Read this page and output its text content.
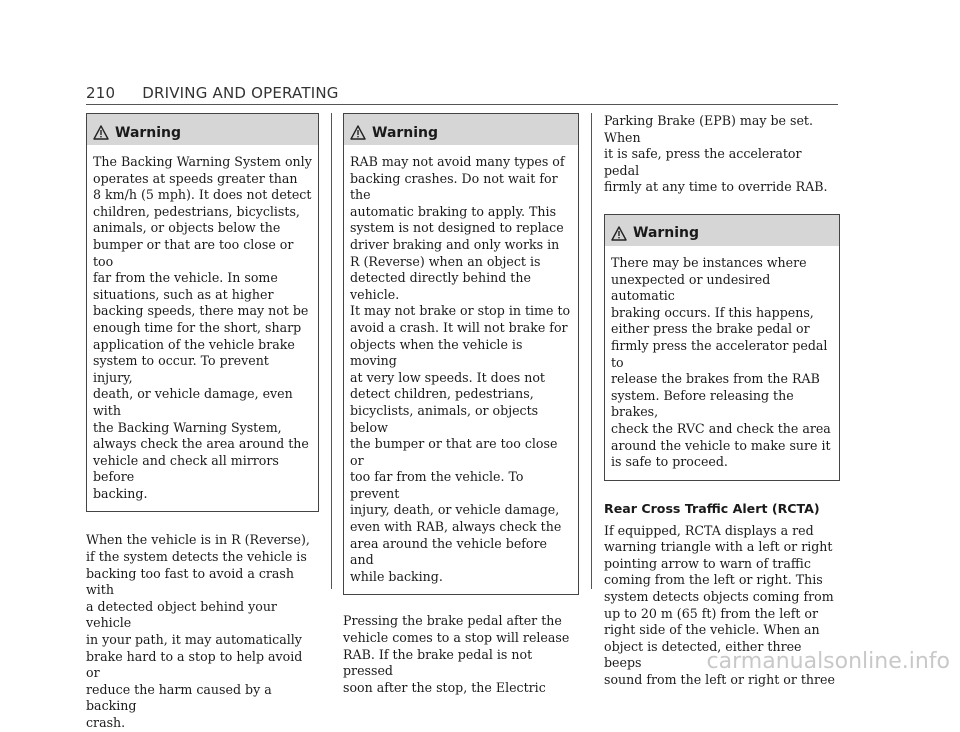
210 DRIVING AND OPERATING
Warning
The Backing Warning System only
operates at speeds greater than
8 km/h (5 mph). It does not detect
children, pedestrians, bicyclists,
animals, or objects below the
bumper or that are too close or too
far from the vehicle. In some
situations, such as at higher
backing speeds, there may not be
enough time for the short, sharp
application of the vehicle brake
system to occur. To prevent injury,
death, or vehicle damage, even with
the Backing Warning System,
always check the area around the
vehicle and check all mirrors before
backing.

When the vehicle is in R (Reverse),
if the system detects the vehicle is
backing too fast to avoid a crash with
a detected object behind your vehicle
in your path, it may automatically
brake hard to a stop to help avoid or
reduce the harm caused by a backing
crash.

Warning
RAB may not avoid many types of
backing crashes. Do not wait for the
automatic braking to apply. This
system is not designed to replace
driver braking and only works in
R (Reverse) when an object is
detected directly behind the vehicle.
It may not brake or stop in time to
avoid a crash. It will not brake for
objects when the vehicle is moving
at very low speeds. It does not
detect children, pedestrians,
bicyclists, animals, or objects below
the bumper or that are too close or
too far from the vehicle. To prevent
injury, death, or vehicle damage,
even with RAB, always check the
area around the vehicle before and
while backing.

Pressing the brake pedal after the
vehicle comes to a stop will release
RAB. If the brake pedal is not pressed
soon after the stop, the Electric

Parking Brake (EPB) may be set. When
it is safe, press the accelerator pedal
firmly at any time to override RAB.

Warning
There may be instances where
unexpected or undesired automatic
braking occurs. If this happens,
either press the brake pedal or
firmly press the accelerator pedal to
release the brakes from the RAB
system. Before releasing the brakes,
check the RVC and check the area
around the vehicle to make sure it
is safe to proceed.

Rear Cross Traffic Alert (RCTA)

If equipped, RCTA displays a red
warning triangle with a left or right
pointing arrow to warn of traffic
coming from the left or right. This
system detects objects coming from
up to 20 m (65 ft) from the left or
right side of the vehicle. When an
object is detected, either three beeps
sound from the left or right or three

carmanualsonline.info
